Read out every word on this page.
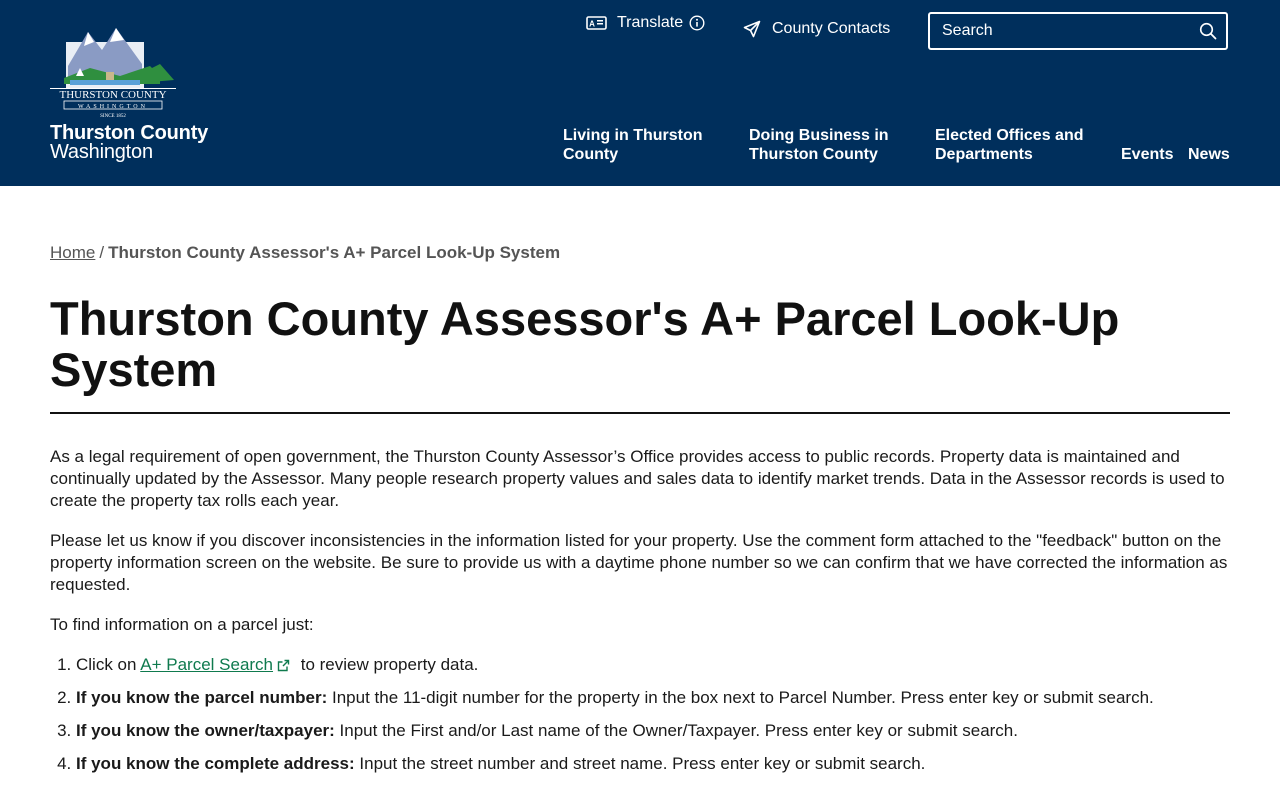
THURSTON COUNTY
WASHINGTON
SINCE 1852
Thurston County
Washington
A Translate	County Contacts
Search
Living in Thurston County
Doing Business in Thurston County
Elected Offices and Departments	Events News
Home / Thurston County Assessor's A+ Parcel Look-Up System
Thurston County Assessor's A+ Parcel Look-Up System

As a legal requirement of open government, the Thurston County Assessor’s Office provides access to public records. Property data is maintained and continually updated by the Assessor. Many people research property values and sales data to identify market trends. Data in the Assessor records is used to create the property tax rolls each year.

Please let us know if you discover inconsistencies in the information listed for your property. Use the comment form attached to the "feedback" button on the property information screen on the website. Be sure to provide us with a daytime phone number so we can confirm that we have corrected the information as requested.

To find information on a parcel just:

1. Click on A+ Parcel Search to review property data.
2. If you know the parcel number: Input the 11-digit number for the property in the box next to Parcel Number. Press enter key or submit search.
3. If you know the owner/taxpayer: Input the First and/or Last name of the Owner/Taxpayer. Press enter key or submit search.
4. If you know the complete address: Input the street number and street name. Press enter key or submit search.
